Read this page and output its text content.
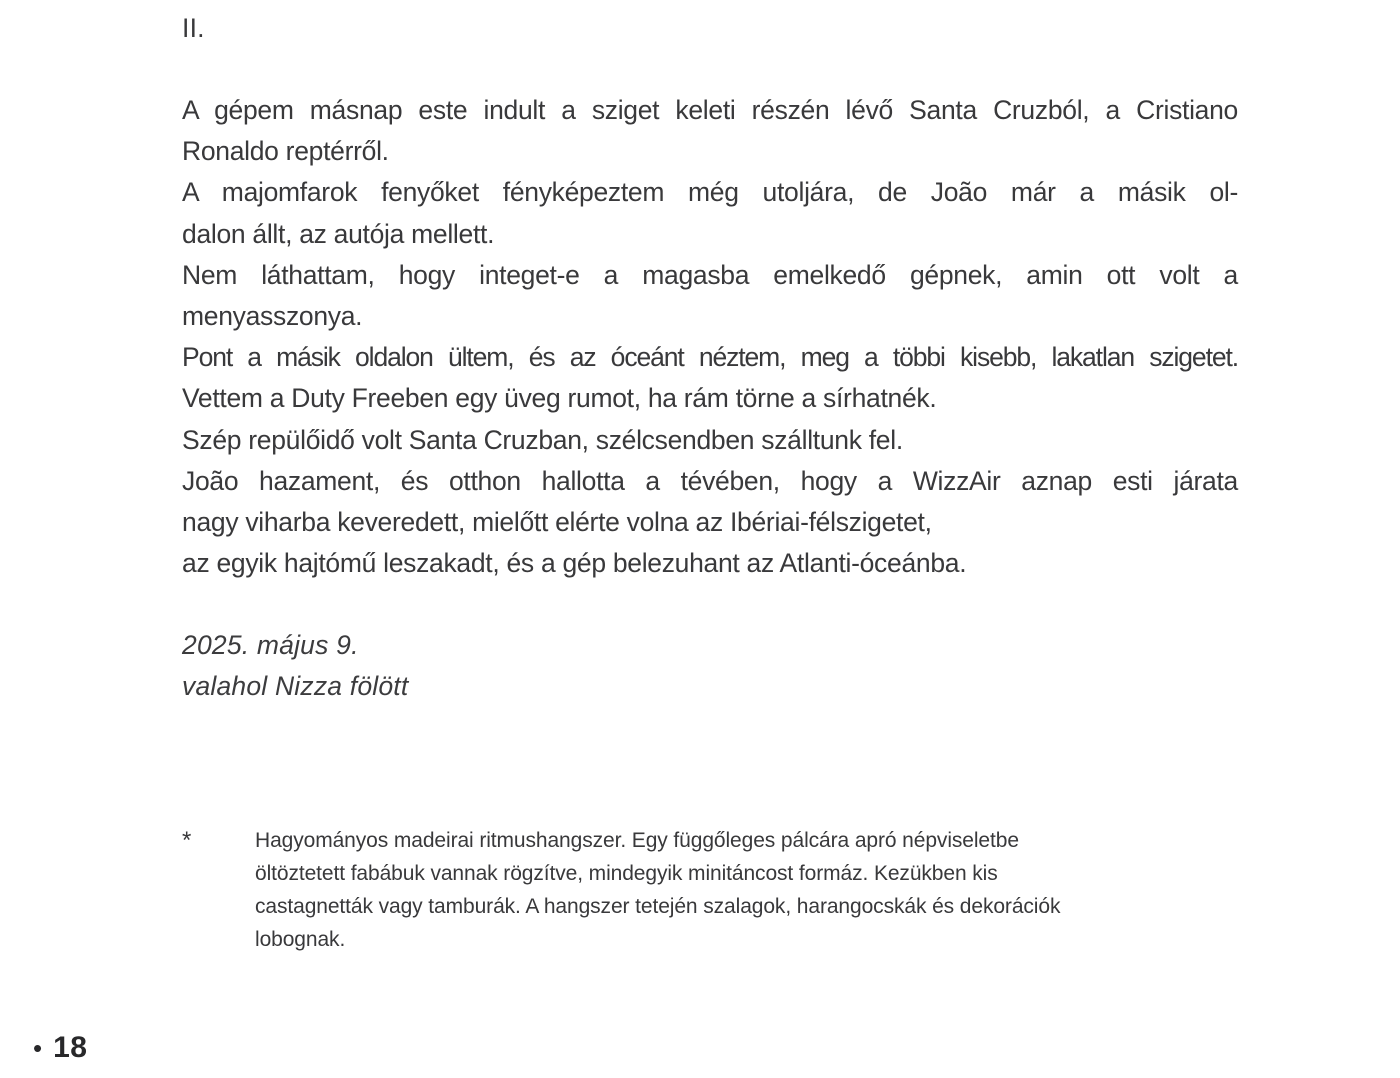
II.
A gépem másnap este indult a sziget keleti részén lévő Santa Cruzból, a Cristiano
Ronaldo reptérről.
A majomfarok fenyőket fényképeztem még utoljára, de João már a másik ol-
dalon állt, az autója mellett.
Nem láthattam, hogy integet-e a magasba emelkedő gépnek, amin ott volt a
menyasszonya.
Pont a másik oldalon ültem, és az óceánt néztem, meg a többi kisebb, lakatlan szigetet.
Vettem a Duty Freeben egy üveg rumot, ha rám törne a sírhatnék.
Szép repülőidő volt Santa Cruzban, szélcsendben szálltunk fel.
João hazament, és otthon hallotta a tévében, hogy a WizzAir aznap esti járata
nagy viharba keveredett, mielőtt elérte volna az Ibériai-félszigetet,
az egyik hajtómű leszakadt, és a gép belezuhant az Atlanti-óceánba.
2025. május 9.
valahol Nizza fölött
*	Hagyományos madeirai ritmushangszer. Egy függőleges pálcára apró népviseletbe
öltöztetett fabábuk vannak rögzítve, mindegyik minitáncost formáz. Kezükben kis
castagnetták vagy tamburák. A hangszer tetején szalagok, harangocskák és dekorációk
lobognak.
• 18
